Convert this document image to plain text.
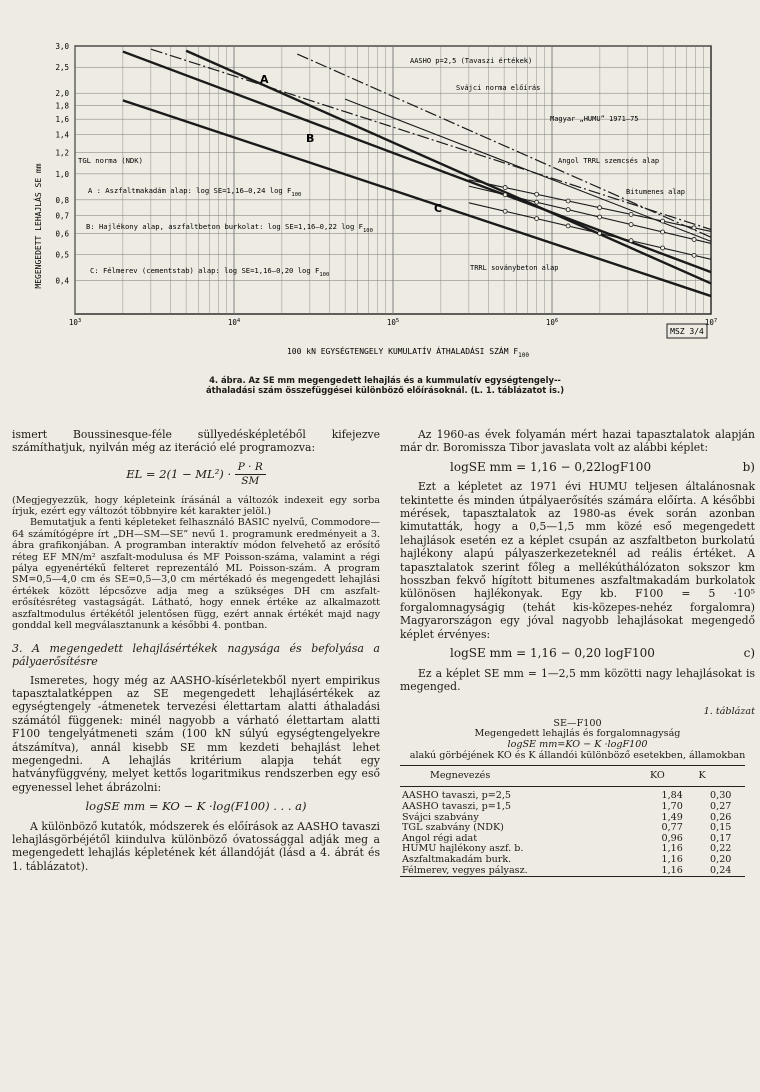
3,0
2,5
2,0
1,8
1,6
1,4
1,2
1,0
0,8
0,7
0,6
0,5
0,4
$10^3$	$10^4$	$10^5$	$10^6$	$10^7$
MEGENGEDETT LEHAJLÁS SE mm
100 kN EGYSÉGTENGELY KUMULATÍV ÁTHALADÁSI SZÁM $F_{100}$
AASHO p=2,5 (Tavaszi értékek)
Svájci norma előírás
Magyar „HUMU” 1971–75
Angol TRRL szemcsés alap
Bitumenes alap
TRRL soványbeton alap
A
B
C
TGL norma (NDK)
A : Aszfaltmakadám alap: log SE=1,16–0,24 $\log F_{100}$
B: Hajlékony alap, aszfaltbeton burkolat: log SE=1,16–0,22 $\log F_{100}$
C: Félmerev (cementstab) alap: log SE=1,16–0,20 $\log F_{100}$
MSZ 3/4
4. ábra. Az SE mm megengedett lehajlás és a kummulatív egységtengely--áthaladási szám összefüggései különböző előírásoknál. (L. 1. táblázatot is.)

ismert Boussinesque-féle süllyedésképletéből kifejezve számíthatjuk, nyilván még az iteráció elé programozva:

EL = $2(1 - ML^2) \cdot \frac{P \cdot R}{SM}$

(Megjegyezzük, hogy képleteink írásánál a változók indexeit egy sorba írjuk, ezért egy változót többnyire két karakter jelöl.)

Bemutatjuk a fenti képleteket felhasználó BASIC nyelvű, Commodore—64 számítógépre írt „DH—SM—SE” nevű 1. programunk eredményeit a 3. ábra grafikonjában. A programban interaktív módon felvehető az erősítő réteg EF MN/m² aszfalt-modulusa és MF Poisson-száma, valamint a régi pálya egyenértékű felteret reprezentáló ML Poisson-szám. A program SM=0,5—4,0 cm és SE=0,5—3,0 cm mértékadó és megengedett lehajlási értékek között lépcsőzve adja meg a szükséges DH cm aszfalt-erősítésréteg vastagságát. Látható, hogy ennek értéke az alkalmazott aszfaltmodulus értékétől jelentősen függ, ezért annak értékét majd nagy gonddal kell megválasztanunk a későbbi 4. pontban.

3. A megengedett lehajlásértékek nagysága és befolyása a pályaerősítésre

Ismeretes, hogy még az AASHO-kísérletekből nyert empirikus tapasztalatképpen az SE megengedett lehajlásértékek az egységtengely -átmenetek tervezési élettartam alatti áthaladási számától függenek: minél nagyobb a várható élettartam alatti F100 tengelyátmeneti szám (100 kN súlyú egységtengelyekre átszámítva), annál kisebb SE mm kezdeti behajlást lehet megengedni. A lehajlás kritérium alapja tehát egy hatványfüggvény, melyet kettős logaritmikus rendszerben egy eső egyenessel lehet ábrázolni:

logSE mm = KO − K ·log(F100) . . . a)

A különböző kutatók, módszerek és előírások az AASHO tavaszi lehajlásgörbéjétől kiindulva különböző óvatossággal adják meg a megengedett lehajlás képletének két állandóját (lásd a 4. ábrát és 1. táblázatot).

Az 1960-as évek folyamán mért hazai tapasztalatok alapján már dr. Boromissza Tibor javaslata volt az alábbi képlet:

logSE mm = 1,16 − 0,22logF100	b)

Ezt a képletet az 1971 évi HUMU teljesen általánosnak tekintette és minden útpályaerősítés számára előírta. A későbbi mérések, tapasztalatok az 1980-as évek során azonban kimutatták, hogy a 0,5—1,5 mm közé eső megengedett lehajlások esetén ez a képlet csupán az aszfaltbeton burkolatú hajlékony alapú pályaszerkezeteknél ad reális értéket. A tapasztalatok szerint főleg a mellékúthálózaton sokszor km hosszban fekvő hígított bitumenes aszfaltmakadám burkolatok különösen hajlékonyak. Egy kb. F100 = 5 ·10⁵ forgalomnagyságig (tehát kis-közepes-nehéz forgalomra) Magyarországon egy jóval nagyobb lehajlásokat megengedő képlet érvényes:

logSE mm = 1,16 − 0,20 logF100	c)

Ez a képlet SE mm = 1—2,5 mm közötti nagy lehajlásokat is megenged.

1. táblázat
SE—F100
Megengedett lehajlás és forgalomnagyság
logSE mm=KO − K ·logF100
alakú görbéjének KO és K állandói különböző esetekben, államokban
Megnevezés	KO	K
AASHO tavaszi, p=2,5	1,84	0,30
AASHO tavaszi, p=1,5	1,70	0,27
Svájci szabvány	1,49	0,26
TGL szabvány (NDK)	0,77	0,15
Angol régi adat	0,96	0,17
HUMU hajlékony aszf. b.	1,16	0,22
Aszfaltmakadám burk.	1,16	0,20
Félmerev, vegyes pályasz.	1,16	0,24
